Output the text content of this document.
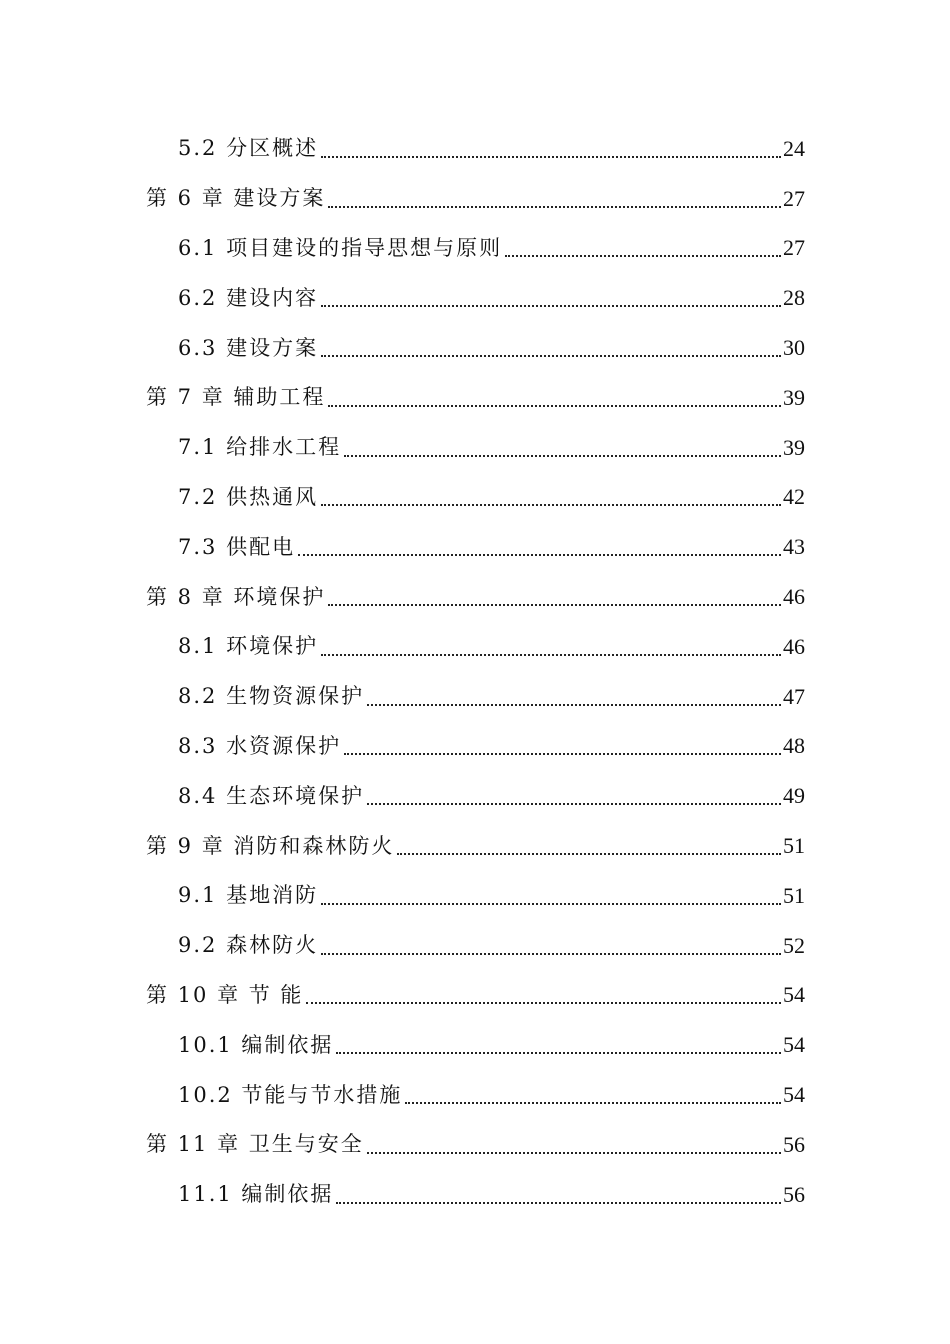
5.2 分区概述	24
第 6 章 建设方案	27
6.1 项目建设的指导思想与原则	27
6.2 建设内容	28
6.3 建设方案	30
第 7 章 辅助工程	39
7.1 给排水工程	39
7.2 供热通风	42
7.3 供配电	43
第 8 章 环境保护	46
8.1 环境保护	46
8.2 生物资源保护	47
8.3 水资源保护	48
8.4 生态环境保护	49
第 9 章 消防和森林防火	51
9.1 基地消防	51
9.2 森林防火	52
第 10 章 节 能	54
10.1 编制依据	54
10.2 节能与节水措施	54
第 11 章 卫生与安全	56
11.1 编制依据	56
